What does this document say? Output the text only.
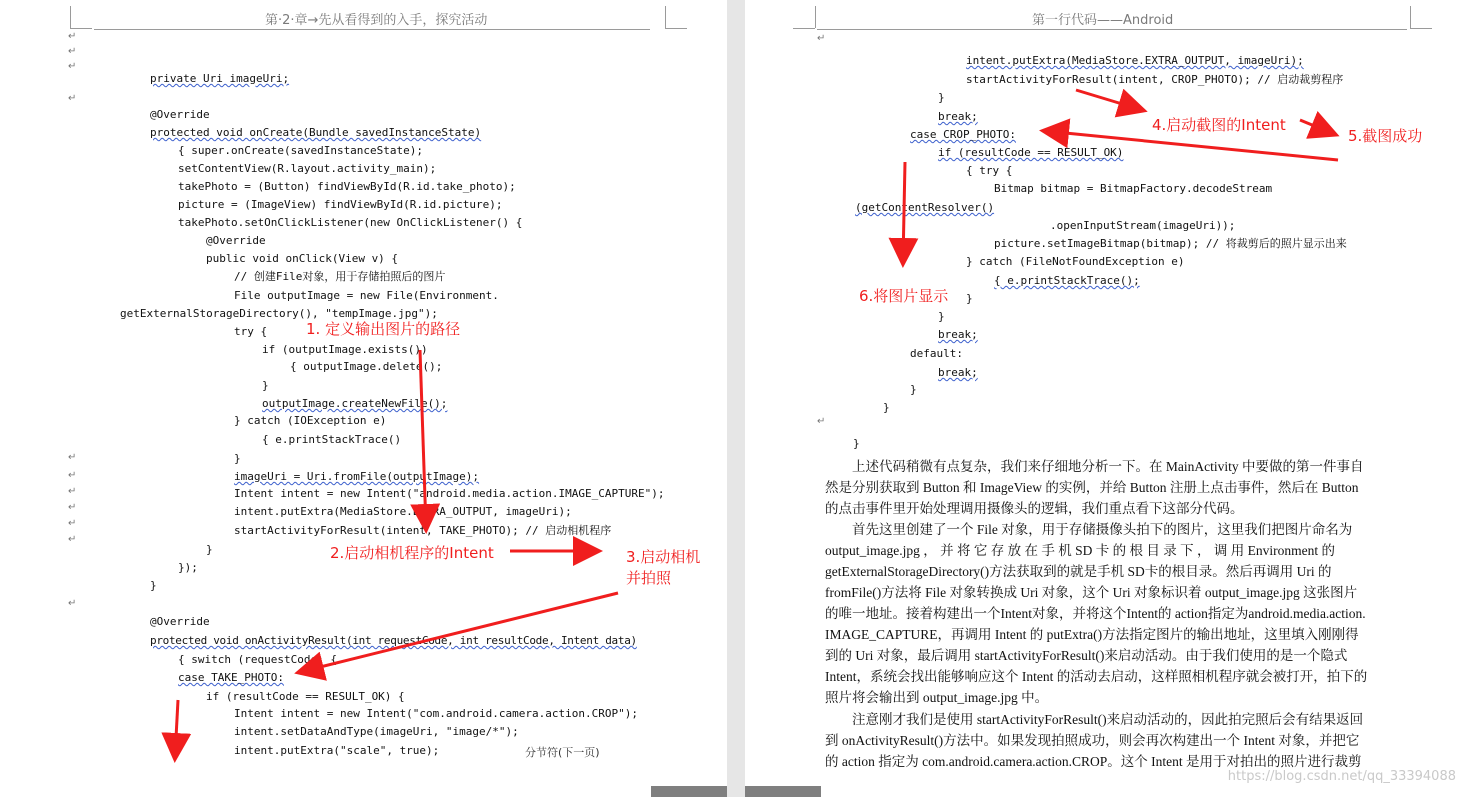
第·2·章→先从看得到的入手，探究活动
↵
↵
↵
↵
↵
↵
↵
↵
↵
↵
↵
private Uri imageUri;
@Override
protected void onCreate(Bundle savedInstanceState)
{ super.onCreate(savedInstanceState);
setContentView(R.layout.activity_main);
takePhoto = (Button) findViewById(R.id.take_photo);
picture = (ImageView) findViewById(R.id.picture);
takePhoto.setOnClickListener(new OnClickListener() {
@Override
public void onClick(View v) {
// 创建File对象，用于存储拍照后的图片
File outputImage = new File(Environment.
getExternalStorageDirectory(), "tempImage.jpg");
try {
if (outputImage.exists())
{ outputImage.delete();
}
outputImage.createNewFile();
} catch (IOException e)
{ e.printStackTrace()
}
imageUri = Uri.fromFile(outputImage);
Intent intent = new Intent("android.media.action.IMAGE_CAPTURE");
intent.putExtra(MediaStore.EXTRA_OUTPUT, imageUri);
startActivityForResult(intent, TAKE_PHOTO); // 启动相机程序
}
});
}
@Override
protected void onActivityResult(int requestCode, int resultCode, Intent data)
{ switch (requestCode) {
case TAKE_PHOTO:
if (resultCode == RESULT_OK) {
Intent intent = new Intent("com.android.camera.action.CROP");
intent.setDataAndType(imageUri, "image/*");
intent.putExtra("scale", true);	分节符(下一页)
1. 定义输出图片的路径
2.启动相机程序的Intent	3.启动相机
并拍照
第一行代码——Android
↵
↵
intent.putExtra(MediaStore.EXTRA_OUTPUT, imageUri);
startActivityForResult(intent, CROP_PHOTO); // 启动裁剪程序
}
break;
case CROP_PHOTO:
if (resultCode == RESULT_OK)
{ try {
Bitmap bitmap = BitmapFactory.decodeStream
(getContentResolver()
.openInputStream(imageUri));
picture.setImageBitmap(bitmap); // 将裁剪后的照片显示出来
} catch (FileNotFoundException e)
{ e.printStackTrace();
}
}
break;
default:
break;
}
}
}
上述代码稍微有点复杂，我们来仔细地分析一下。在 MainActivity 中要做的第一件事自
然是分别获取到 Button 和 ImageView 的实例，并给 Button 注册上点击事件，然后在 Button
的点击事件里开始处理调用摄像头的逻辑，我们重点看下这部分代码。
首先这里创建了一个 File 对象，用于存储摄像头拍下的图片，这里我们把图片命名为
output_image.jpg ， 并 将 它 存 放 在 手 机 SD 卡 的 根 目 录 下 ， 调 用 Environment 的
getExternalStorageDirectory()方法获取到的就是手机 SD卡的根目录。然后再调用 Uri 的
fromFile()方法将 File 对象转换成 Uri 对象，这个 Uri 对象标识着 output_image.jpg 这张图片
的唯一地址。接着构建出一个Intent对象，并将这个Intent的 action指定为android.media.action.
IMAGE_CAPTURE，再调用 Intent 的 putExtra()方法指定图片的输出地址，这里填入刚刚得
到的 Uri 对象，最后调用 startActivityForResult()来启动活动。由于我们使用的是一个隐式
Intent，系统会找出能够响应这个 Intent 的活动去启动，这样照相机程序就会被打开，拍下的
照片将会输出到 output_image.jpg 中。
注意刚才我们是使用 startActivityForResult()来启动活动的，因此拍完照后会有结果返回
到 onActivityResult()方法中。如果发现拍照成功，则会再次构建出一个 Intent 对象，并把它
的 action 指定为 com.android.camera.action.CROP。这个 Intent 是用于对拍出的照片进行裁剪
4.启动截图的Intent
5.截图成功
6.将图片显示
https://blog.csdn.net/qq_33394088
